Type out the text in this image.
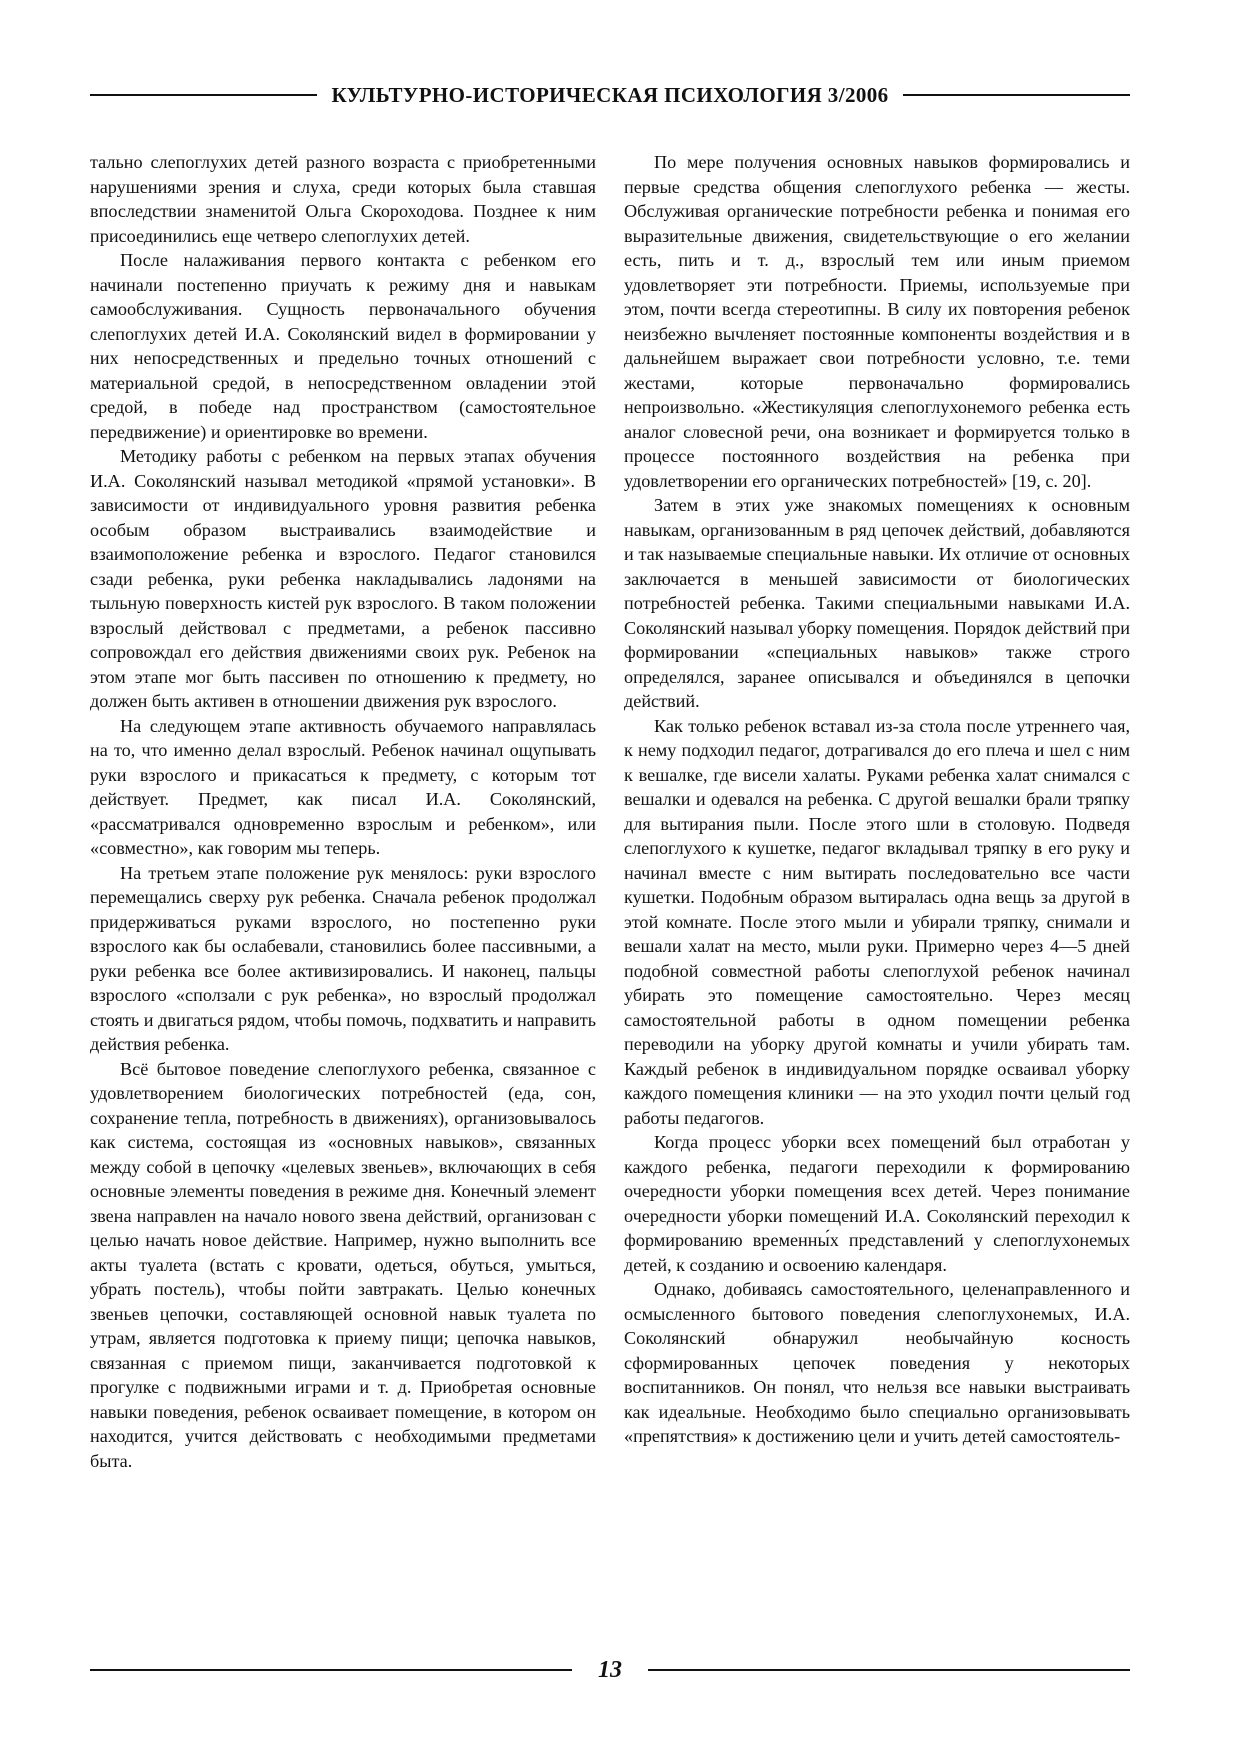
КУЛЬТУРНО-ИСТОРИЧЕСКАЯ ПСИХОЛОГИЯ 3/2006

тально слепоглухих детей разного возраста с приобретенными нарушениями зрения и слуха, среди которых была ставшая впоследствии знаменитой Ольга Скороходова. Позднее к ним присоединились еще четверо слепоглухих детей.

После налаживания первого контакта с ребенком его начинали постепенно приучать к режиму дня и навыкам самообслуживания. Сущность первоначального обучения слепоглухих детей И.А. Соколянский видел в формировании у них непосредственных и предельно точных отношений с материальной средой, в непосредственном овладении этой средой, в победе над пространством (самостоятельное передвижение) и ориентировке во времени.

Методику работы с ребенком на первых этапах обучения И.А. Соколянский называл методикой «прямой установки». В зависимости от индивидуального уровня развития ребенка особым образом выстраивались взаимодействие и взаимоположение ребенка и взрослого. Педагог становился сзади ребенка, руки ребенка накладывались ладонями на тыльную поверхность кистей рук взрослого. В таком положении взрослый действовал с предметами, а ребенок пассивно сопровождал его действия движениями своих рук. Ребенок на этом этапе мог быть пассивен по отношению к предмету, но должен быть активен в отношении движения рук взрослого.

На следующем этапе активность обучаемого направлялась на то, что именно делал взрослый. Ребенок начинал ощупывать руки взрослого и прикасаться к предмету, с которым тот действует. Предмет, как писал И.А. Соколянский, «рассматривался одновременно взрослым и ребенком», или «совместно», как говорим мы теперь.

На третьем этапе положение рук менялось: руки взрослого перемещались сверху рук ребенка. Сначала ребенок продолжал придерживаться руками взрослого, но постепенно руки взрослого как бы ослабевали, становились более пассивными, а руки ребенка все более активизировались. И наконец, пальцы взрослого «сползали с рук ребенка», но взрослый продолжал стоять и двигаться рядом, чтобы помочь, подхватить и направить действия ребенка.

Всё бытовое поведение слепоглухого ребенка, связанное с удовлетворением биологических потребностей (еда, сон, сохранение тепла, потребность в движениях), организовывалось как система, состоящая из «основных навыков», связанных между собой в цепочку «целевых звеньев», включающих в себя основные элементы поведения в режиме дня. Конечный элемент звена направлен на начало нового звена действий, организован с целью начать новое действие. Например, нужно выполнить все акты туалета (встать с кровати, одеться, обуться, умыться, убрать постель), чтобы пойти завтракать. Целью конечных звеньев цепочки, составляющей основной навык туалета по утрам, является подготовка к приему пищи; цепочка навыков, связанная с приемом пищи, заканчивается подготовкой к прогулке с подвижными играми и т. д. Приобретая основные навыки поведения, ребенок осваивает помещение, в котором он находится, учится действовать с необходимыми предметами быта.

По мере получения основных навыков формировались и первые средства общения слепоглухого ребенка — жесты. Обслуживая органические потребности ребенка и понимая его выразительные движения, свидетельствующие о его желании есть, пить и т. д., взрослый тем или иным приемом удовлетворяет эти потребности. Приемы, используемые при этом, почти всегда стереотипны. В силу их повторения ребенок неизбежно вычленяет постоянные компоненты воздействия и в дальнейшем выражает свои потребности условно, т.е. теми жестами, которые первоначально формировались непроизвольно. «Жестикуляция слепоглухонемого ребенка есть аналог словесной речи, она возникает и формируется только в процессе постоянного воздействия на ребенка при удовлетворении его органических потребностей» [19, с. 20].

Затем в этих уже знакомых помещениях к основным навыкам, организованным в ряд цепочек действий, добавляются и так называемые специальные навыки. Их отличие от основных заключается в меньшей зависимости от биологических потребностей ребенка. Такими специальными навыками И.А. Соколянский называл уборку помещения. Порядок действий при формировании «специальных навыков» также строго определялся, заранее описывался и объединялся в цепочки действий.

Как только ребенок вставал из-за стола после утреннего чая, к нему подходил педагог, дотрагивался до его плеча и шел с ним к вешалке, где висели халаты. Руками ребенка халат снимался с вешалки и одевался на ребенка. С другой вешалки брали тряпку для вытирания пыли. После этого шли в столовую. Подведя слепоглухого к кушетке, педагог вкладывал тряпку в его руку и начинал вместе с ним вытирать последовательно все части кушетки. Подобным образом вытиралась одна вещь за другой в этой комнате. После этого мыли и убирали тряпку, снимали и вешали халат на место, мыли руки. Примерно через 4—5 дней подобной совместной работы слепоглухой ребенок начинал убирать это помещение самостоятельно. Через месяц самостоятельной работы в одном помещении ребенка переводили на уборку другой комнаты и учили убирать там. Каждый ребенок в индивидуальном порядке осваивал уборку каждого помещения клиники — на это уходил почти целый год работы педагогов.

Когда процесс уборки всех помещений был отработан у каждого ребенка, педагоги переходили к формированию очередности уборки помещения всех детей. Через понимание очередности уборки помещений И.А. Соколянский переходил к формированию временны́х представлений у слепоглухонемых детей, к созданию и освоению календаря.

Однако, добиваясь самостоятельного, целенаправленного и осмысленного бытового поведения слепоглухонемых, И.А. Соколянский обнаружил необычайную косность сформированных цепочек поведения у некоторых воспитанников. Он понял, что нельзя все навыки выстраивать как идеальные. Необходимо было специально организовывать «препятствия» к достижению цели и учить детей самостоятель-

13
